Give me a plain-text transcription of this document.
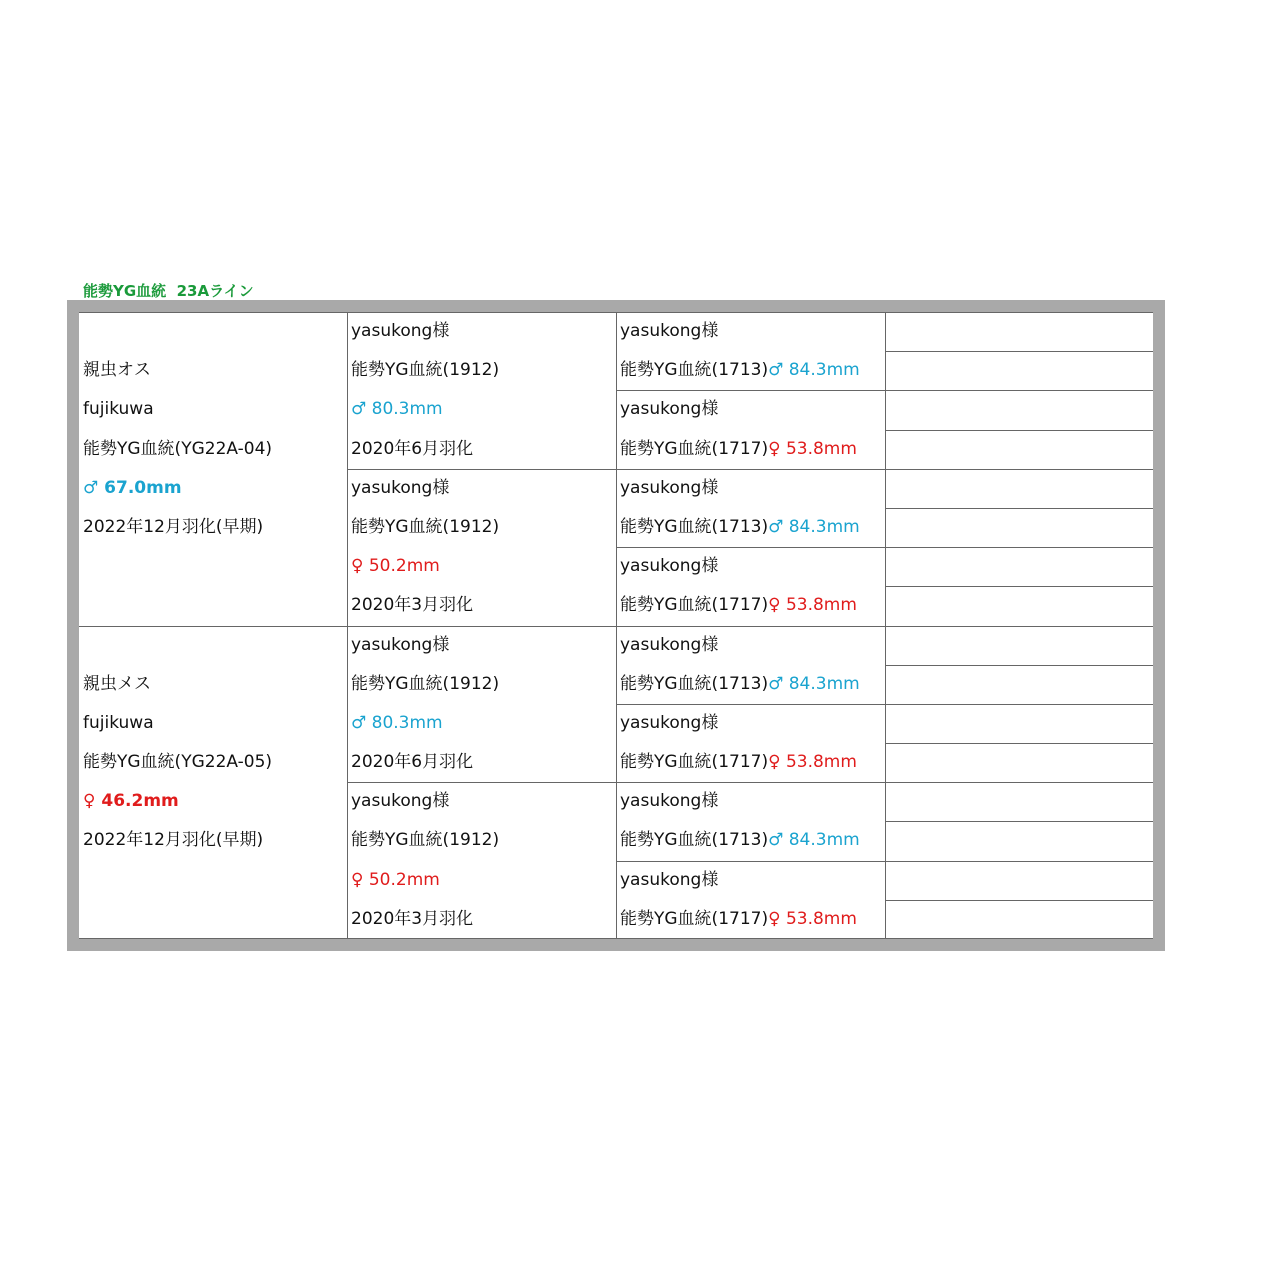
能勢YG血統  23Aライン
親虫オス
fujikuwa
能勢YG血統(YG22A-04)
♂ 67.0mm
2022年12月羽化(早期)
yasukong様
能勢YG血統(1912)
♂ 80.3mm
2020年6月羽化
yasukong様
能勢YG血統(1713)♂ 84.3mm
yasukong様
能勢YG血統(1717)♀ 53.8mm
yasukong様
能勢YG血統(1912)
♀ 50.2mm
2020年3月羽化
yasukong様
能勢YG血統(1713)♂ 84.3mm
yasukong様
能勢YG血統(1717)♀ 53.8mm
親虫メス
fujikuwa
能勢YG血統(YG22A-05)
♀ 46.2mm
2022年12月羽化(早期)
yasukong様
能勢YG血統(1912)
♂ 80.3mm
2020年6月羽化
yasukong様
能勢YG血統(1713)♂ 84.3mm
yasukong様
能勢YG血統(1717)♀ 53.8mm
yasukong様
能勢YG血統(1912)
♀ 50.2mm
2020年3月羽化
yasukong様
能勢YG血統(1713)♂ 84.3mm
yasukong様
能勢YG血統(1717)♀ 53.8mm
